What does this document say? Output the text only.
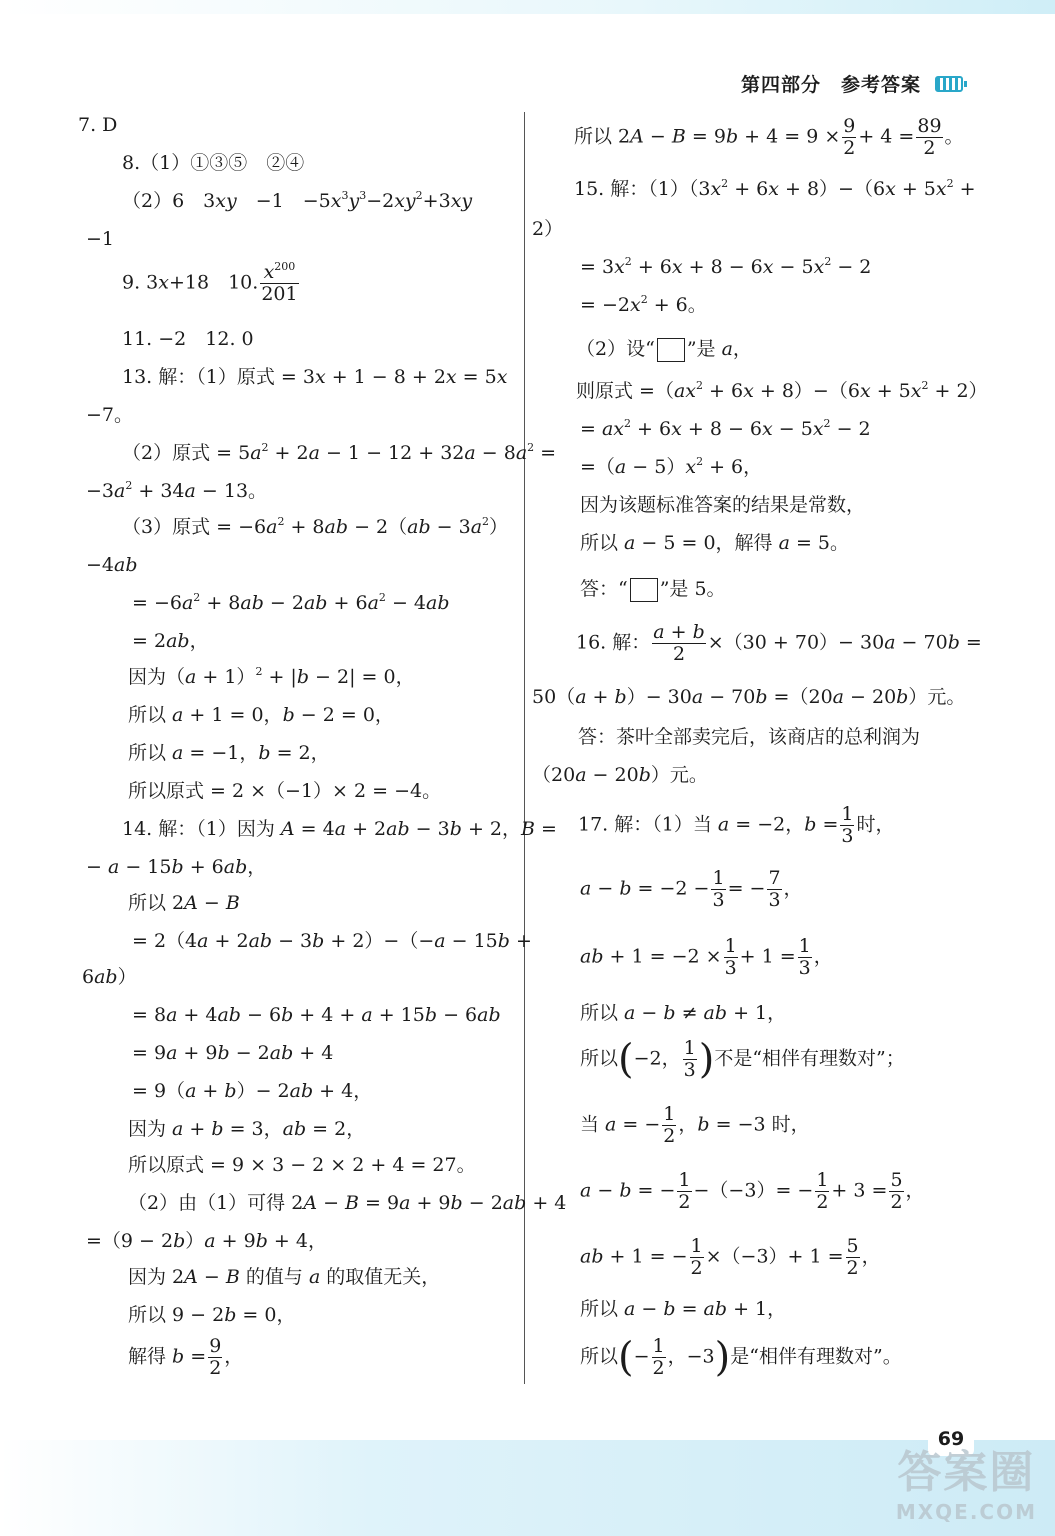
第四部分　参考答案
7. D
8.（1）①③⑤　②④
（2）6　3xy　−1　$-5x^3y^3-2xy^2+3xy$
−1
9. 3x+18　10. $\frac{x^{200}}{201}$
11. −2　12. 0
13. 解：（1）原式 = 3x + 1 − 8 + 2x = 5x
−7。
（2）原式 = $5a^2 + 2a - 1 - 12 + 32a - 8a^2$ =
$-3a^2 + 34a - 13$。
（3）原式 = $-6a^2 + 8ab - 2(ab - 3a^2)$
−4ab
= $-6a^2 + 8ab - 2ab + 6a^2 - 4ab$
= 2ab，
因为$(a + 1)^2 + |b - 2| = 0$，
所以 a + 1 = 0，b − 2 = 0，
所以 a = −1，b = 2，
所以原式 = 2 ×（−1）× 2 = −4。
14. 解：（1）因为 A = 4a + 2ab − 3b + 2，B =
− a − 15b + 6ab，
所以 2A − B
= 2（4a + 2ab − 3b + 2）−（−a − 15b +
6ab）
= 8a + 4ab − 6b + 4 + a + 15b − 6ab
= 9a + 9b − 2ab + 4
= 9（a + b）− 2ab + 4，
因为 a + b = 3，ab = 2，
所以原式 = 9 × 3 − 2 × 2 + 4 = 27。
（2）由（1）可得 2A − B = 9a + 9b − 2ab + 4
=（9 − 2b）a + 9b + 4，
因为 2A − B 的值与 a 的取值无关，
所以 9 − 2b = 0，
解得 $b = \frac{9}{2}$ ，
所以 $2A - B = 9b + 4 = 9 \times \frac{9}{2} + 4 = \frac{89}{2}$ 。
15. 解：$(1)(3x^2 + 6x + 8)-(6x + 5x^2$ +
2）
= $3x^2 + 6x + 8 - 6x - 5x^2 - 2$
= $-2x^2 + 6$。
（2）设“ ”是 a，
则原式 $=(ax^2 + 6x + 8)-(6x + 5x^2 + 2)$
= $ax^2 + 6x + 8 - 6x - 5x^2 - 2$
$=(a - 5)x^2 + 6$，
因为该题标准答案的结果是常数，
所以 a − 5 = 0，解得 a = 5。
答：“ ”是 5。
16. 解： $\frac{a + b}{2} \times(30 + 70)- 30a - 70b$ =
50（a + b）− 30a − 70b =（20a − 20b）元。
答：茶叶全部卖完后，该商店的总利润为
（20a − 20b）元。
17. 解：（1）当 a = −2，$b = \frac{1}{3}$ 时，
$a - b = -2 - \frac{1}{3}$ = − $\frac{7}{3}$ ，
ab + $1 = -2 \times \frac{1}{3} + 1 = \frac{1}{3}$ ，
所以 a − b ≠ ab + 1，
所以(−2， $\frac{1}{3}$ )不是“相伴有理数对”；
当 a = − $\frac{1}{2}$ ，b = −3 时，
a − b = − $\frac{1}{2} -(-3)= - \frac{1}{2} + 3 = \frac{5}{2}$ ，
ab + 1 = − $\frac{1}{2} \times(-3)+ 1 = \frac{5}{2}$ ，
所以 a − b = ab + 1，
所以(− $\frac{1}{2}$ ，−3)是“相伴有理数对”。
69
答案圈
MXQE.COM
